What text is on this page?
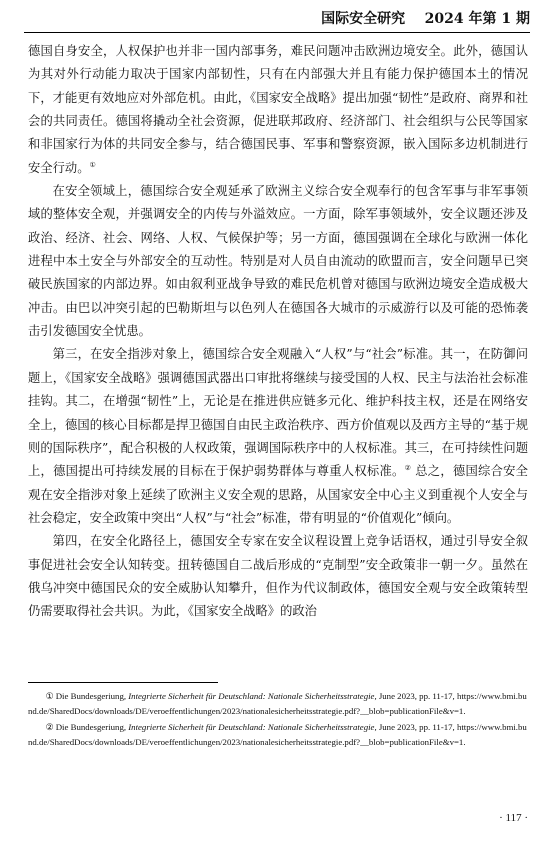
国际安全研究 2024 年第 1 期

德国自身安全，人权保护也并非一国内部事务，难民问题冲击欧洲边境安全。此外，德国认为其对外行动能力取决于国家内部韧性，只有在内部强大并且有能力保护德国本土的情况下，才能更有效地应对外部危机。由此，《国家安全战略》提出加强“韧性”是政府、商界和社会的共同责任。德国将撬动全社会资源，促进联邦政府、经济部门、社会组织与公民等国家和非国家行为体的共同安全参与，结合德国民事、军事和警察资源，嵌入国际多边机制进行安全行动。①

在安全领域上，德国综合安全观延承了欧洲主义综合安全观奉行的包含军事与非军事领域的整体安全观，并强调安全的内传与外溢效应。一方面，除军事领域外，安全议题还涉及政治、经济、社会、网络、人权、气候保护等；另一方面，德国强调在全球化与欧洲一体化进程中本土安全与外部安全的互动性。特别是对人员自由流动的欧盟而言，安全问题早已突破民族国家的内部边界。如由叙利亚战争导致的难民危机曾对德国与欧洲边境安全造成极大冲击。由巴以冲突引起的巴勒斯坦与以色列人在德国各大城市的示威游行以及可能的恐怖袭击引发德国安全忧患。

第三，在安全指涉对象上，德国综合安全观融入“人权”与“社会”标准。其一，在防御问题上，《国家安全战略》强调德国武器出口审批将继续与接受国的人权、民主与法治社会标准挂钩。其二，在增强“韧性”上，无论是在推进供应链多元化、维护科技主权，还是在网络安全上，德国的核心目标都是捍卫德国自由民主政治秩序、西方价值观以及西方主导的“基于规则的国际秩序”，配合积极的人权政策，强调国际秩序中的人权标准。其三，在可持续性问题上，德国提出可持续发展的目标在于保护弱势群体与尊重人权标准。② 总之，德国综合安全观在安全指涉对象上延续了欧洲主义安全观的思路，从国家安全中心主义到重视个人安全与社会稳定，安全政策中突出“人权”与“社会”标准，带有明显的“价值观化”倾向。

第四，在安全化路径上，德国安全专家在安全议程设置上竞争话语权，通过引导安全叙事促进社会安全认知转变。扭转德国自二战后形成的“克制型”安全政策非一朝一夕。虽然在俄乌冲突中德国民众的安全威胁认知攀升，但作为代议制政体，德国安全观与安全政策转型仍需要取得社会共识。为此，《国家安全战略》的政治

① Die Bundesgeriung, Integrierte Sicherheit für Deutschland: Nationale Sicherheitsstrategie, June 2023, pp. 11-17, https://www.bmi.bund.de/SharedDocs/downloads/DE/veroeffentlichungen/2023/nationalesicherheitsstrategie.pdf?__blob=publicationFile&v=1.

② Die Bundesgeriung, Integrierte Sicherheit für Deutschland: Nationale Sicherheitsstrategie, June 2023, pp. 11-17, https://www.bmi.bund.de/SharedDocs/downloads/DE/veroeffentlichungen/2023/nationalesicherheitsstrategie.pdf?__blob=publicationFile&v=1.

· 117 ·
